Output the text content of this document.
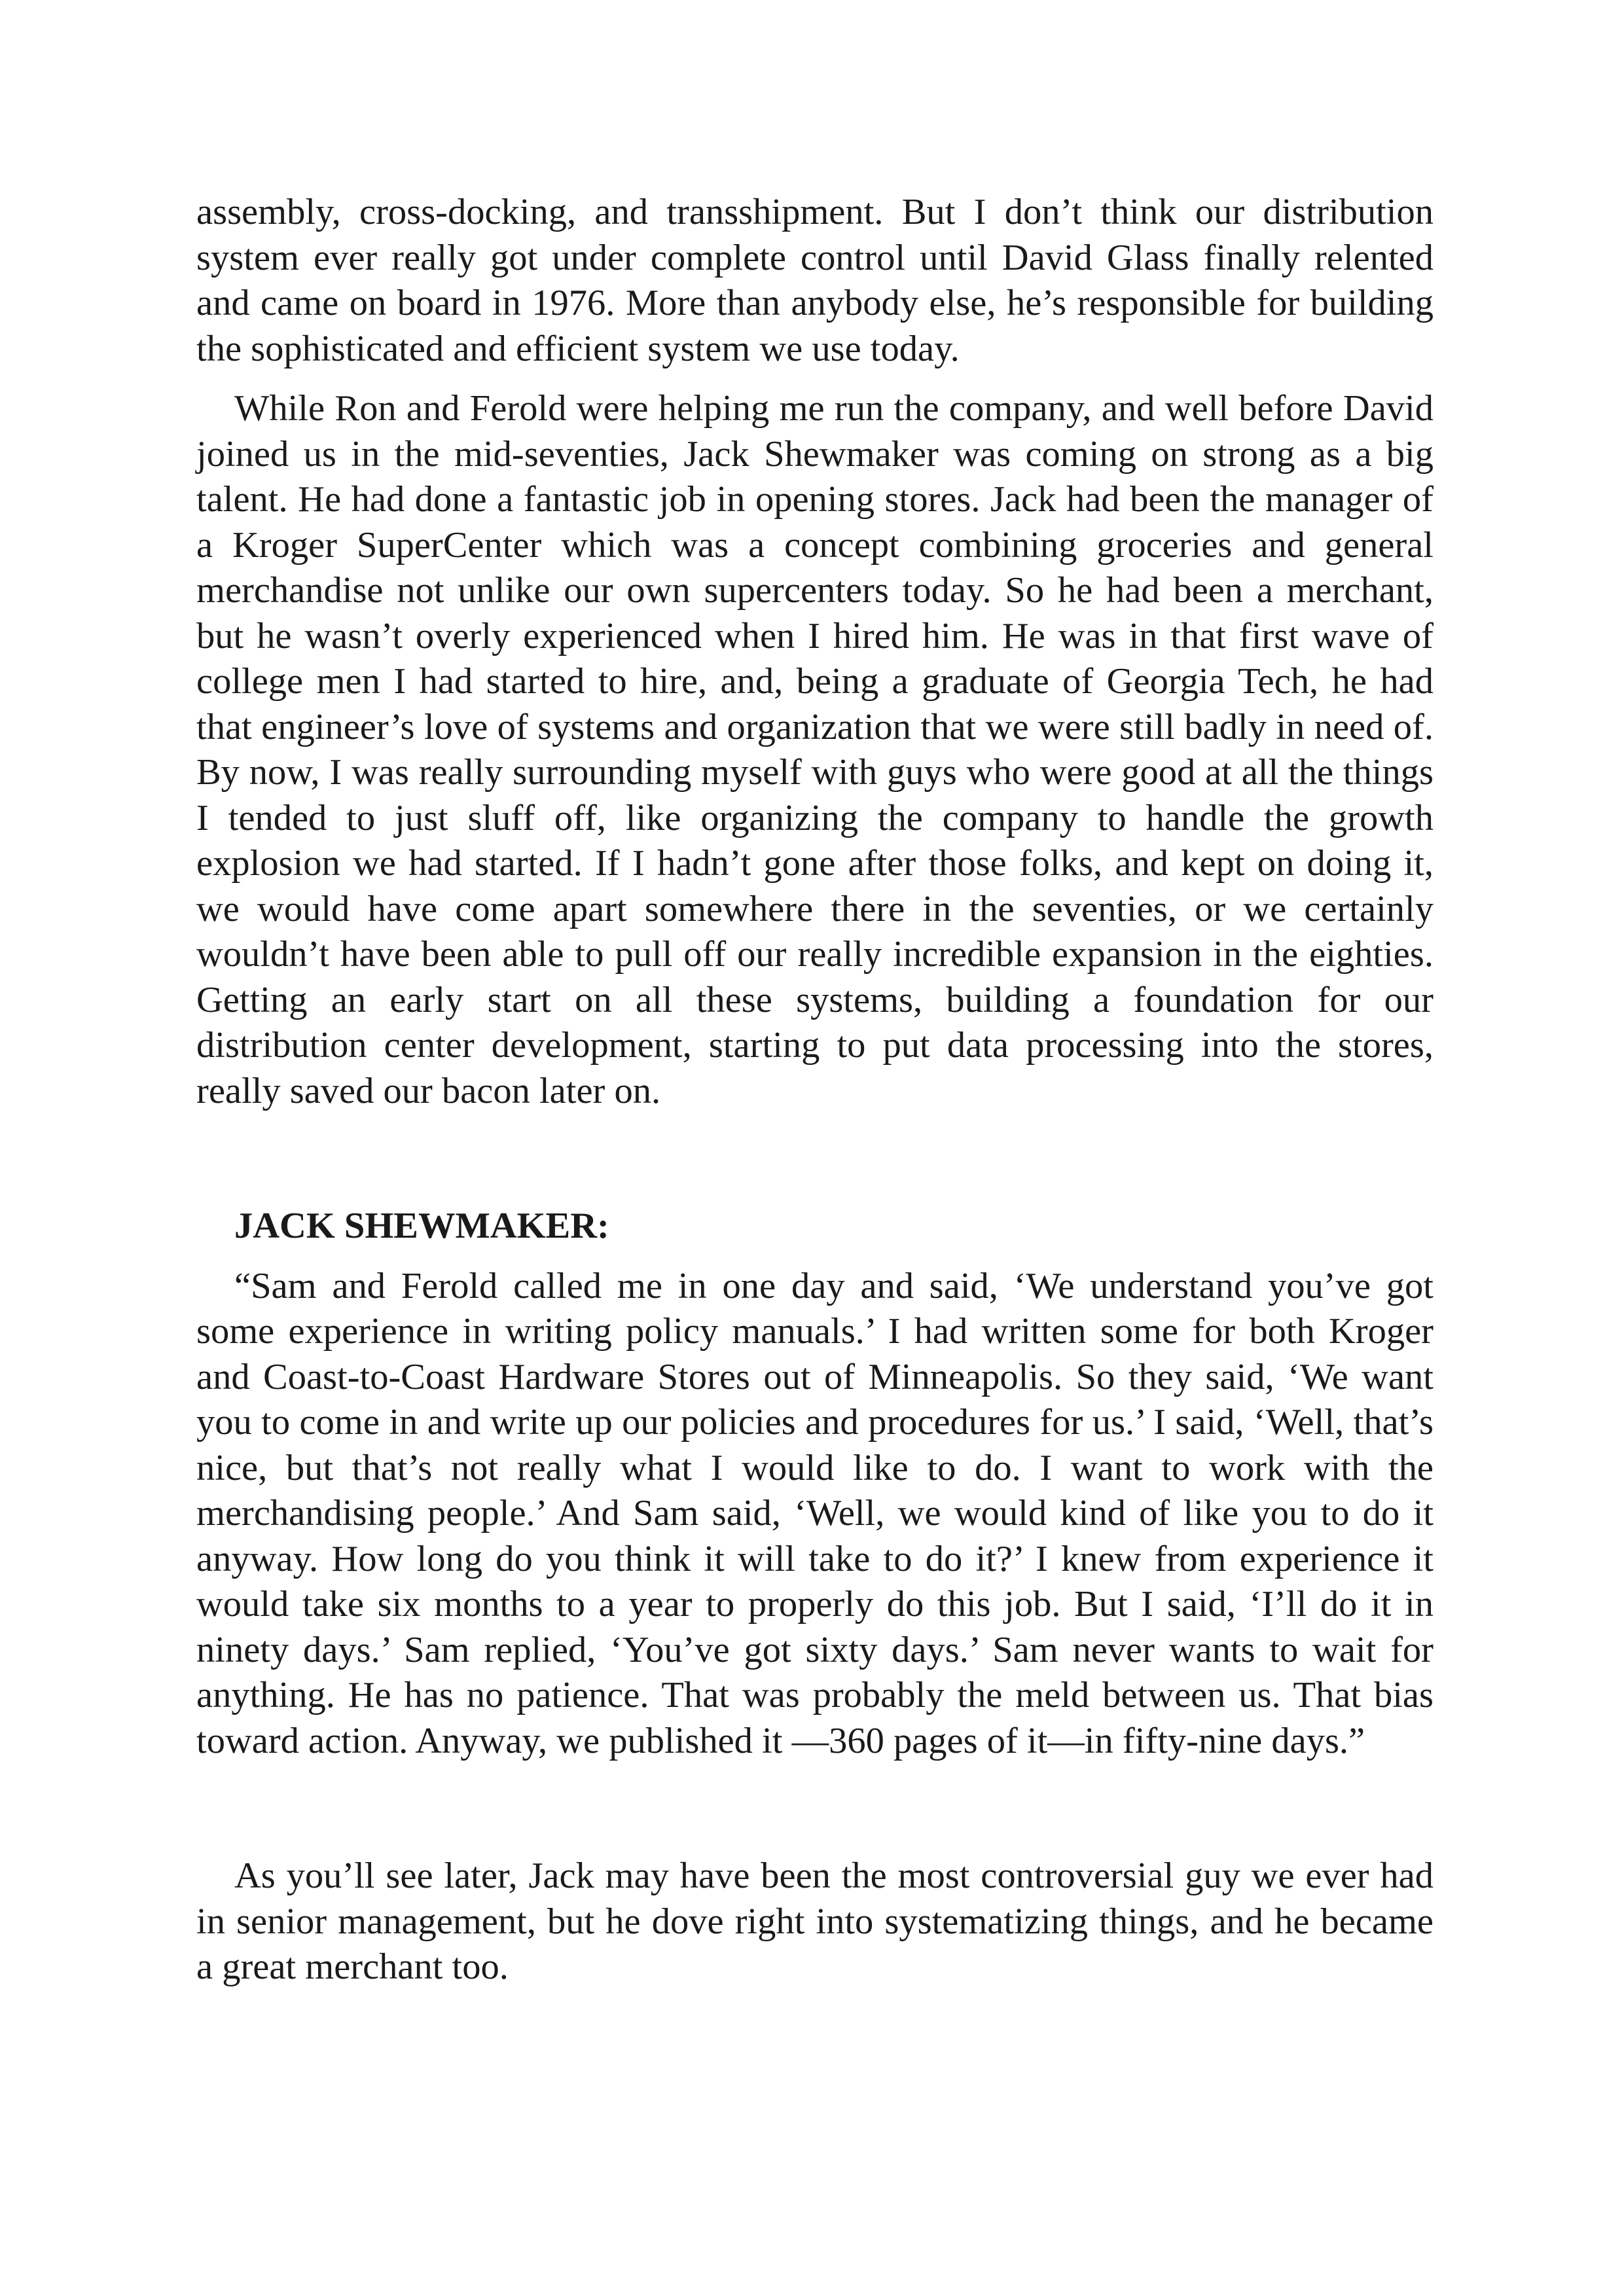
assembly, cross-docking, and transshipment. But I don’t think our distribution system ever really got under complete control until David Glass finally relented and came on board in 1976. More than anybody else, he’s responsible for building the sophisticated and efficient system we use today.

While Ron and Ferold were helping me run the company, and well before David joined us in the mid-seventies, Jack Shewmaker was coming on strong as a big talent. He had done a fantastic job in opening stores. Jack had been the manager of a Kroger SuperCenter which was a concept combining groceries and general merchandise not unlike our own supercenters today. So he had been a merchant, but he wasn’t overly experienced when I hired him. He was in that first wave of college men I had started to hire, and, being a graduate of Georgia Tech, he had that engineer’s love of systems and organization that we were still badly in need of. By now, I was really surrounding myself with guys who were good at all the things I tended to just sluff off, like organizing the company to handle the growth explosion we had started. If I hadn’t gone after those folks, and kept on doing it, we would have come apart somewhere there in the seventies, or we certainly wouldn’t have been able to pull off our really incredible expansion in the eighties. Getting an early start on all these systems, building a foundation for our distribution center development, starting to put data processing into the stores, really saved our bacon later on.

JACK SHEWMAKER:

“Sam and Ferold called me in one day and said, ‘We understand you’ve got some experience in writing policy manuals.’ I had written some for both Kroger and Coast-to-Coast Hardware Stores out of Minneapolis. So they said, ‘We want you to come in and write up our policies and procedures for us.’ I said, ‘Well, that’s nice, but that’s not really what I would like to do. I want to work with the merchandising people.’ And Sam said, ‘Well, we would kind of like you to do it anyway. How long do you think it will take to do it?’ I knew from experience it would take six months to a year to properly do this job. But I said, ‘I’ll do it in ninety days.’ Sam replied, ‘You’ve got sixty days.’ Sam never wants to wait for anything. He has no patience. That was probably the meld between us. That bias toward action. Anyway, we published it —360 pages of it—in fifty-nine days.”

As you’ll see later, Jack may have been the most controversial guy we ever had in senior management, but he dove right into systematizing things, and he became a great merchant too.
